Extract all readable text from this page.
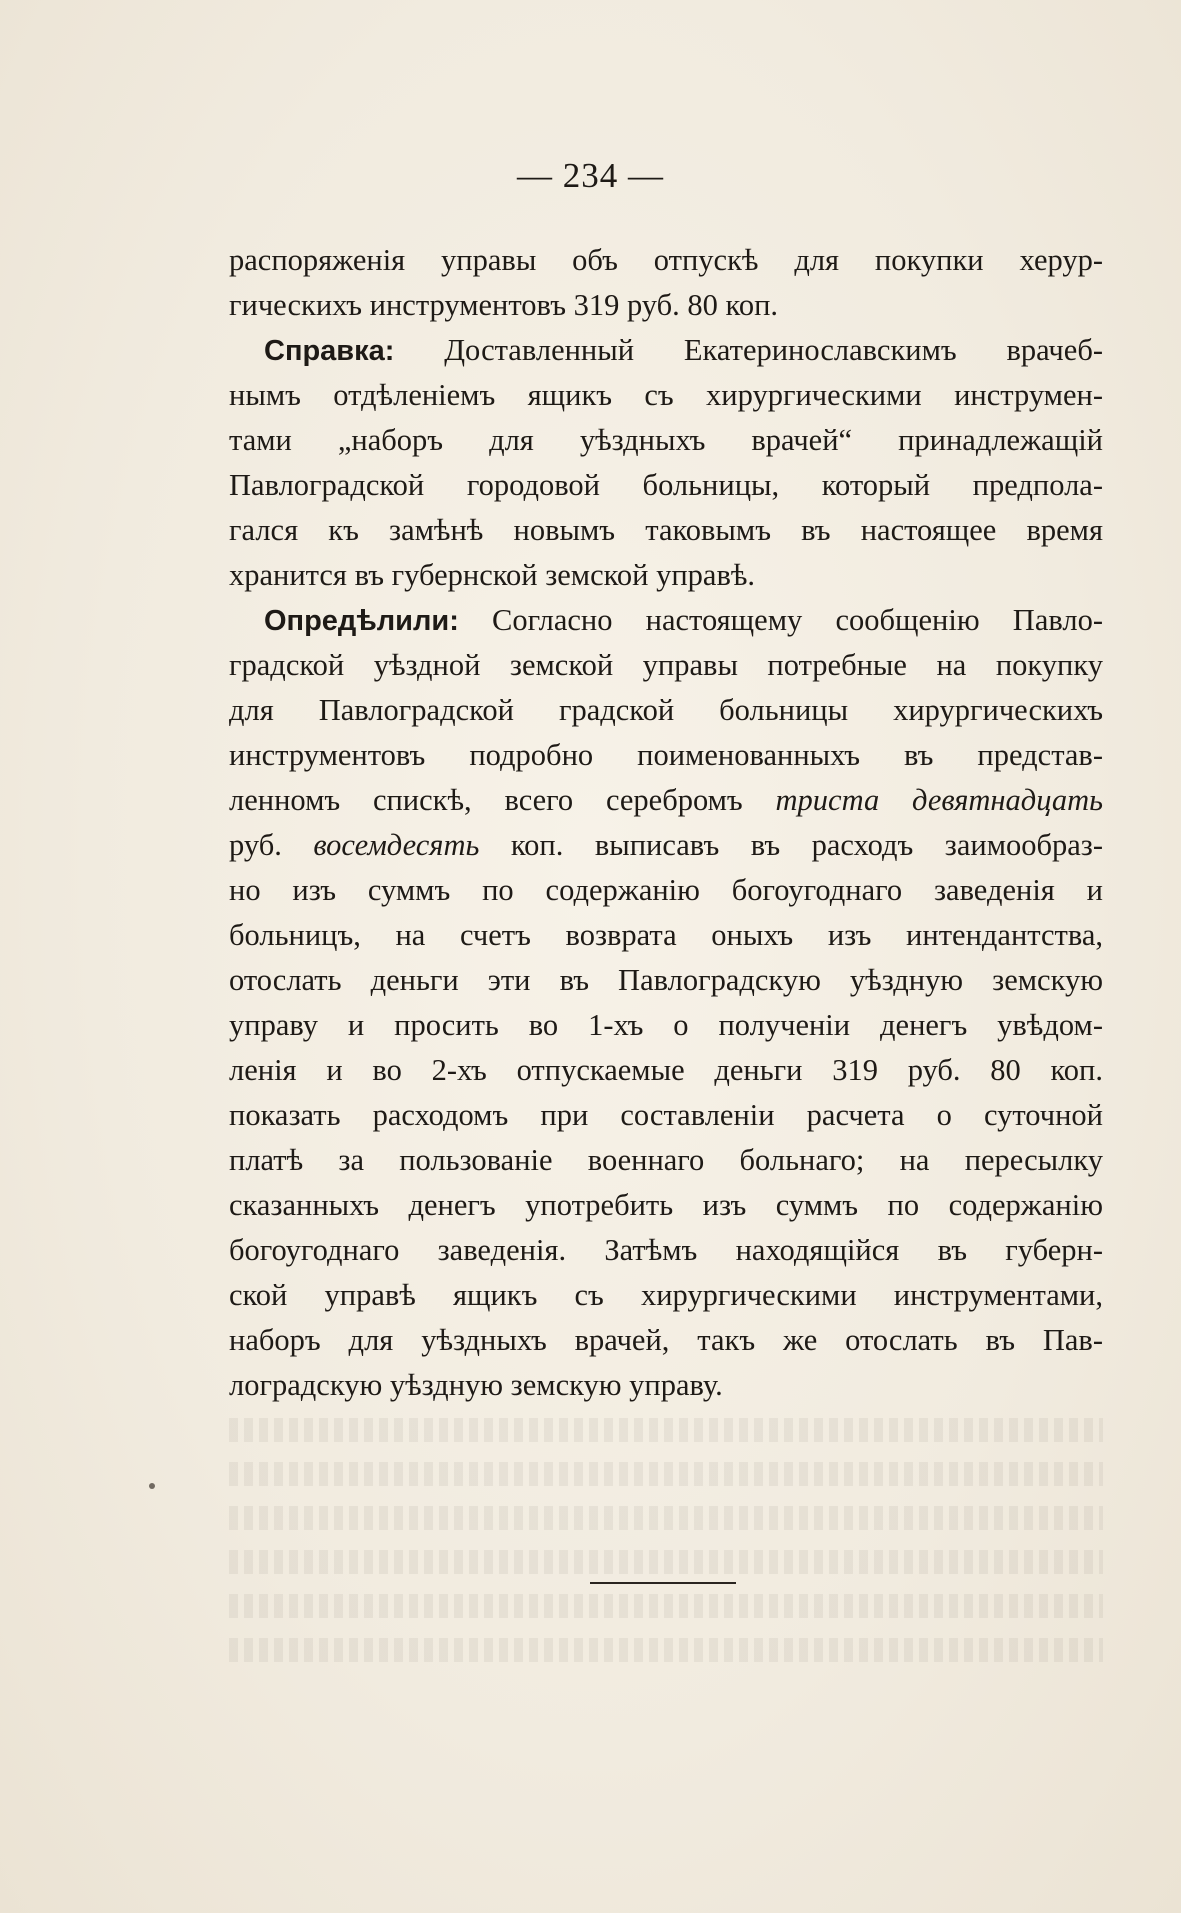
— 234 —
распоряженія управы объ отпускѣ для покупки херур-
гическихъ инструментовъ 319 руб. 80 коп.
Справка: Доставленный Екатеринославскимъ врачеб-
нымъ отдѣленіемъ ящикъ съ хирургическими инструмен-
тами „наборъ для уѣздныхъ врачей“ принадлежащій
Павлоградской городовой больницы, который предпола-
гался къ замѣнѣ новымъ таковымъ въ настоящее время
хранится въ губернской земской управѣ.
Опредѣлили: Согласно настоящему сообщенію Павло-
градской уѣздной земской управы потребные на покупку
для Павлоградской градской больницы хирургическихъ
инструментовъ подробно поименованныхъ въ представ-
ленномъ спискѣ, всего серебромъ триста девятнадцать
руб. восемдесять коп. выписавъ въ расходъ заимообраз-
но изъ суммъ по содержанію богоугоднаго заведенія и
больницъ, на счетъ возврата оныхъ изъ интендантства,
отослать деньги эти въ Павлоградскую уѣздную земскую
управу и просить во 1-хъ о полученіи денегъ увѣдом-
ленія и во 2-хъ отпускаемые деньги 319 руб. 80 коп.
показать расходомъ при составленіи расчета о суточной
платѣ за пользованіе военнаго больнаго; на пересылку
сказанныхъ денегъ употребить изъ суммъ по содержанію
богоугоднаго заведенія. Затѣмъ находящійся въ губерн-
ской управѣ ящикъ съ хирургическими инструментами,
наборъ для уѣздныхъ врачей, такъ же отослать въ Пав-
лоградскую уѣздную земскую управу.
